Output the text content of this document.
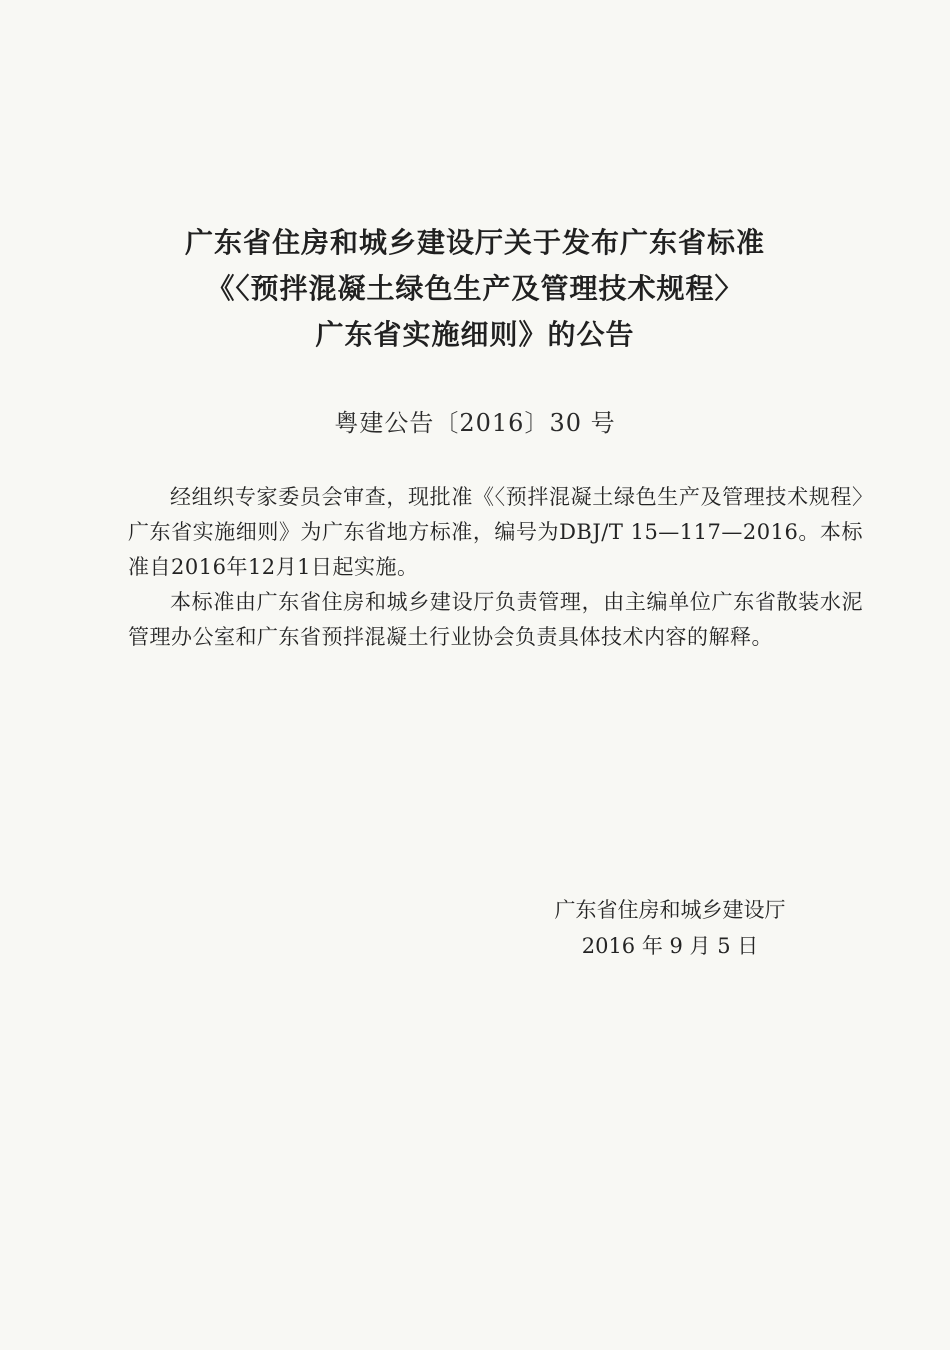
广东省住房和城乡建设厅关于发布广东省标准
《〈预拌混凝土绿色生产及管理技术规程〉
广东省实施细则》的公告
粤建公告〔2016〕30 号

经组织专家委员会审查，现批准《〈预拌混凝土绿色生产及管理技术规程〉广东省实施细则》为广东省地方标准，编号为DBJ/T 15—117—2016。本标准自2016年12月1日起实施。

本标准由广东省住房和城乡建设厅负责管理，由主编单位广东省散装水泥管理办公室和广东省预拌混凝土行业协会负责具体技术内容的解释。

广东省住房和城乡建设厅
2016 年 9 月 5 日
